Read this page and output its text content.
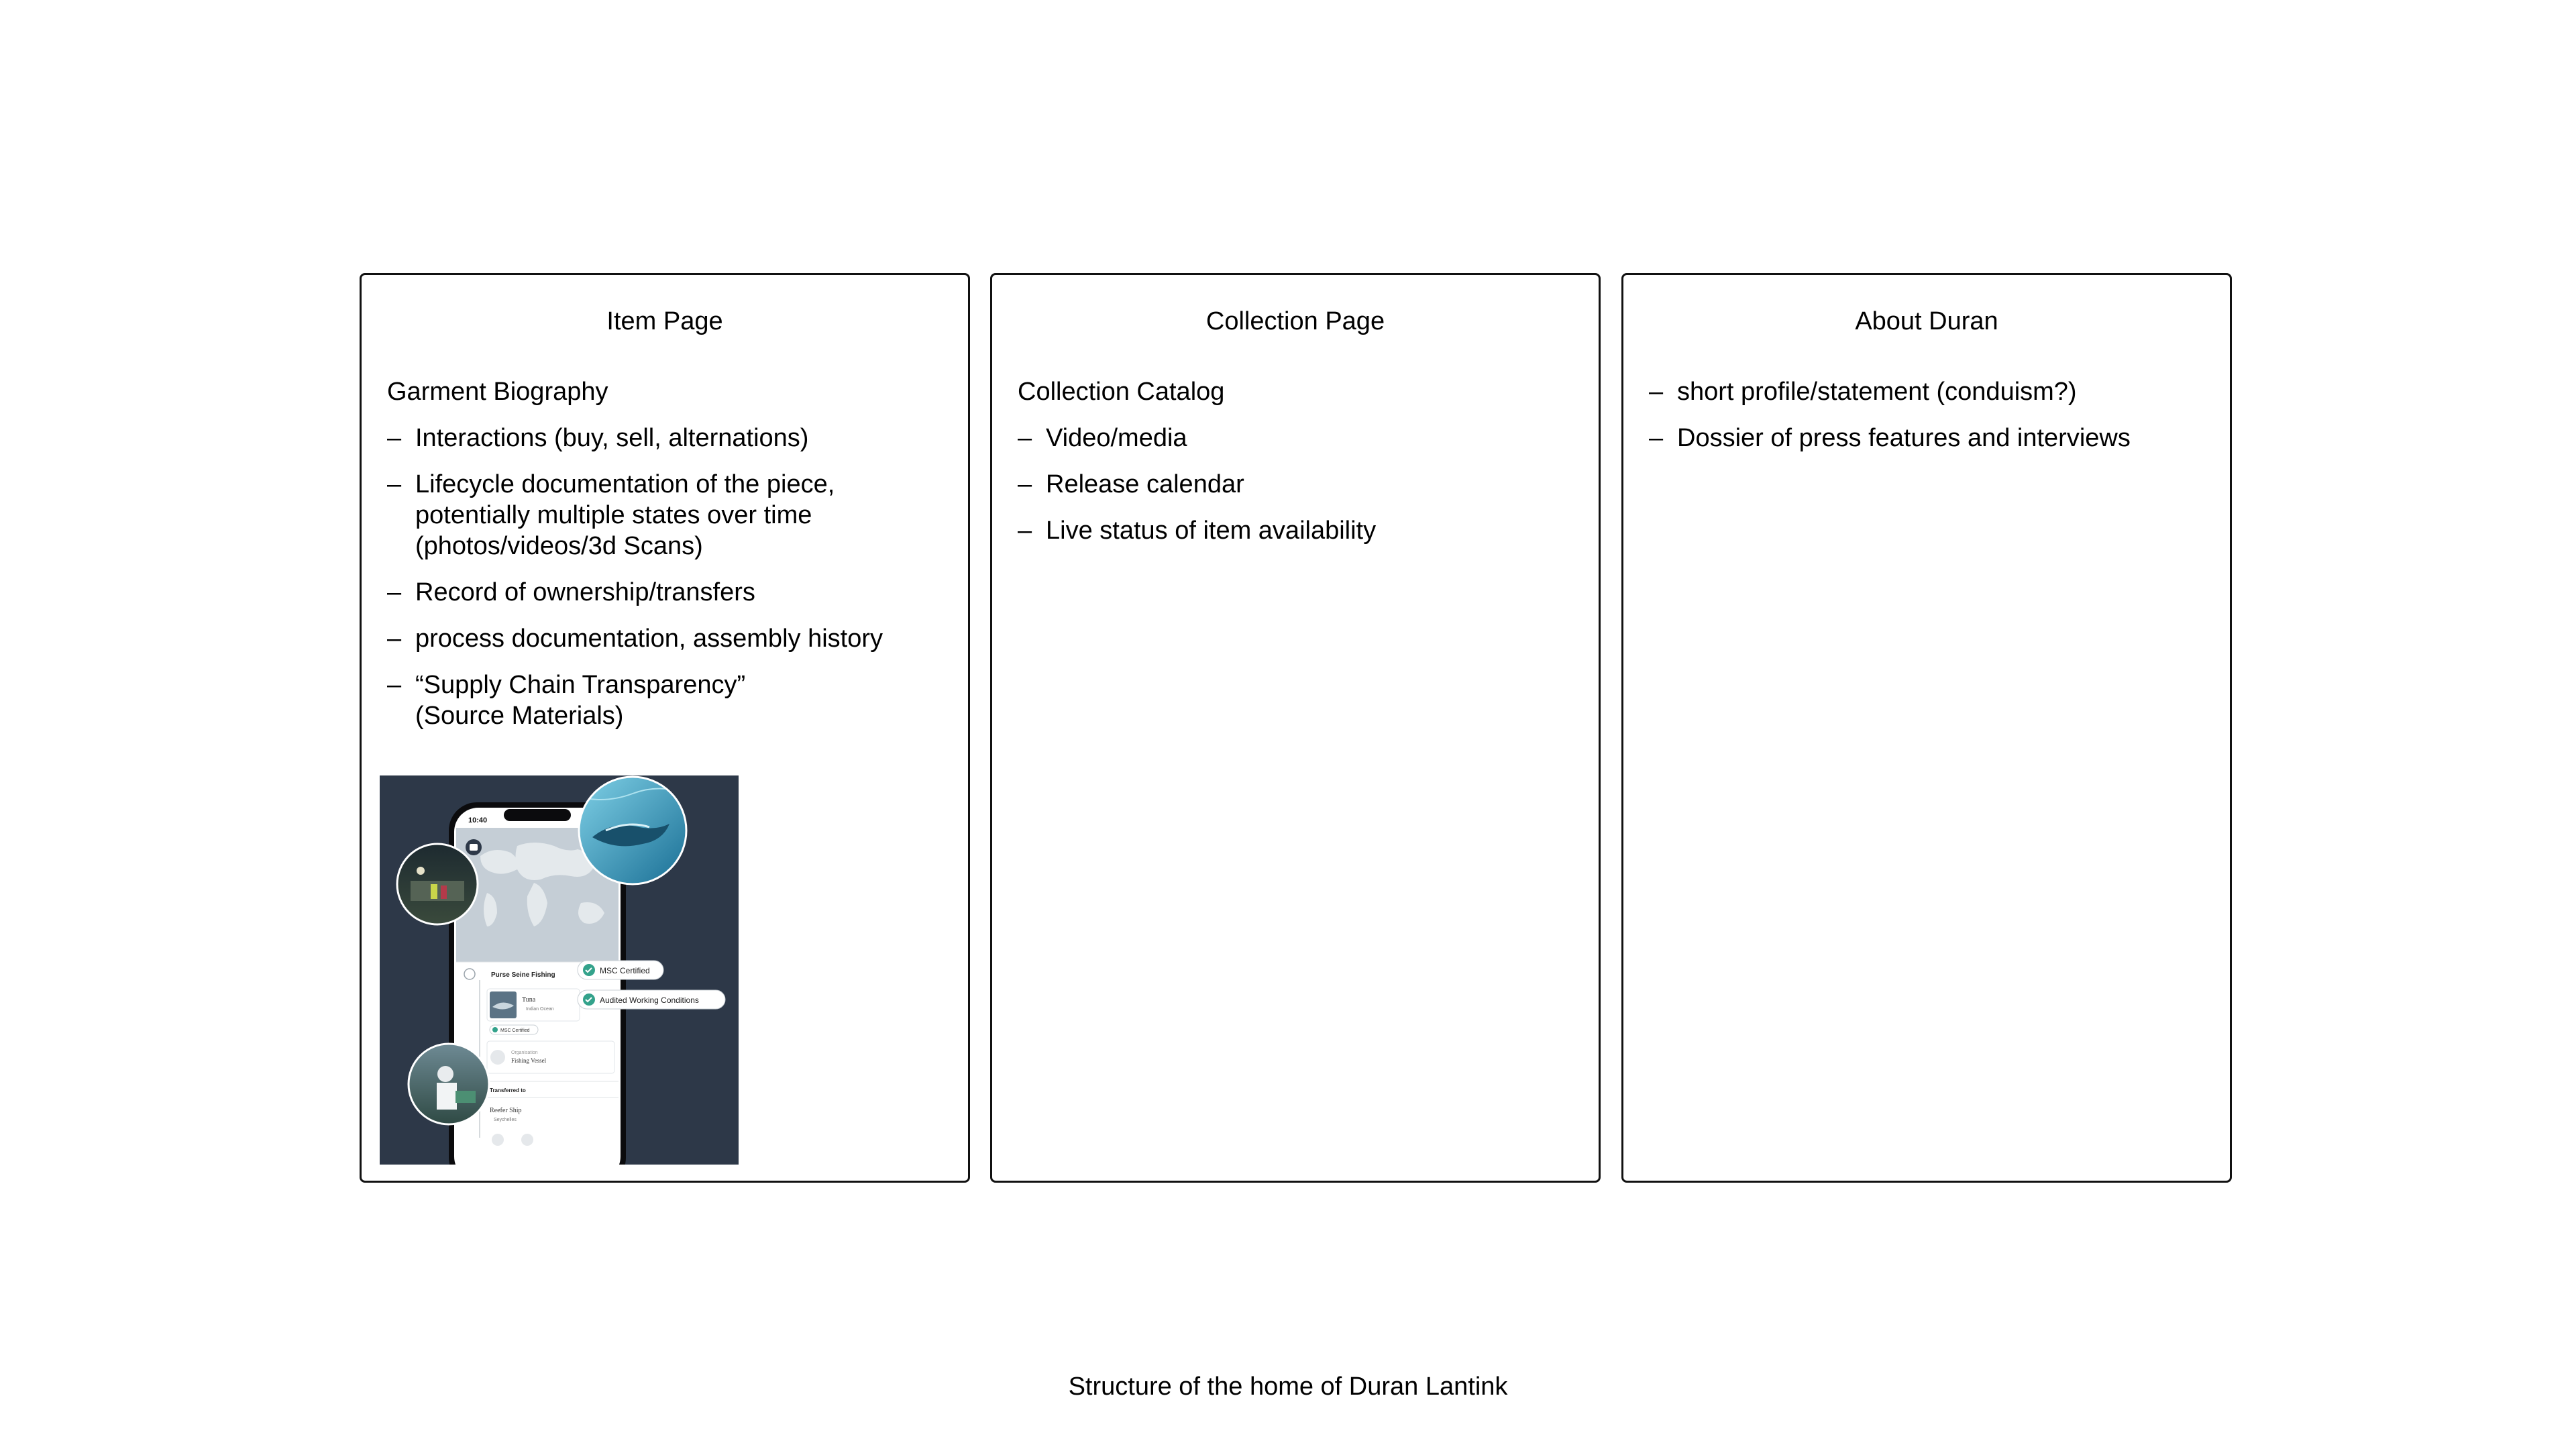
Item Page
Garment Biography
– Interactions (buy, sell, alternations)
– Lifecycle documentation of the piece, potentially multiple states over time (photos/videos/3d Scans)
– Record of ownership/transfers
– process documentation, assembly history
– “Supply Chain Transparency” (Source Materials)
10:40
Purse Seine Fishing
Tuna
Indian Ocean
MSC Certified
Organisation
Fishing Vessel
Transferred to
Reefer Ship
Seychelles
MSC Certified
Audited Working Conditions
Collection Page
Collection Catalog
– Video/media
– Release calendar
– Live status of item availability
About Duran
– short profile/statement (conduism?)
– Dossier of press features and interviews
Structure of the home of Duran Lantink
